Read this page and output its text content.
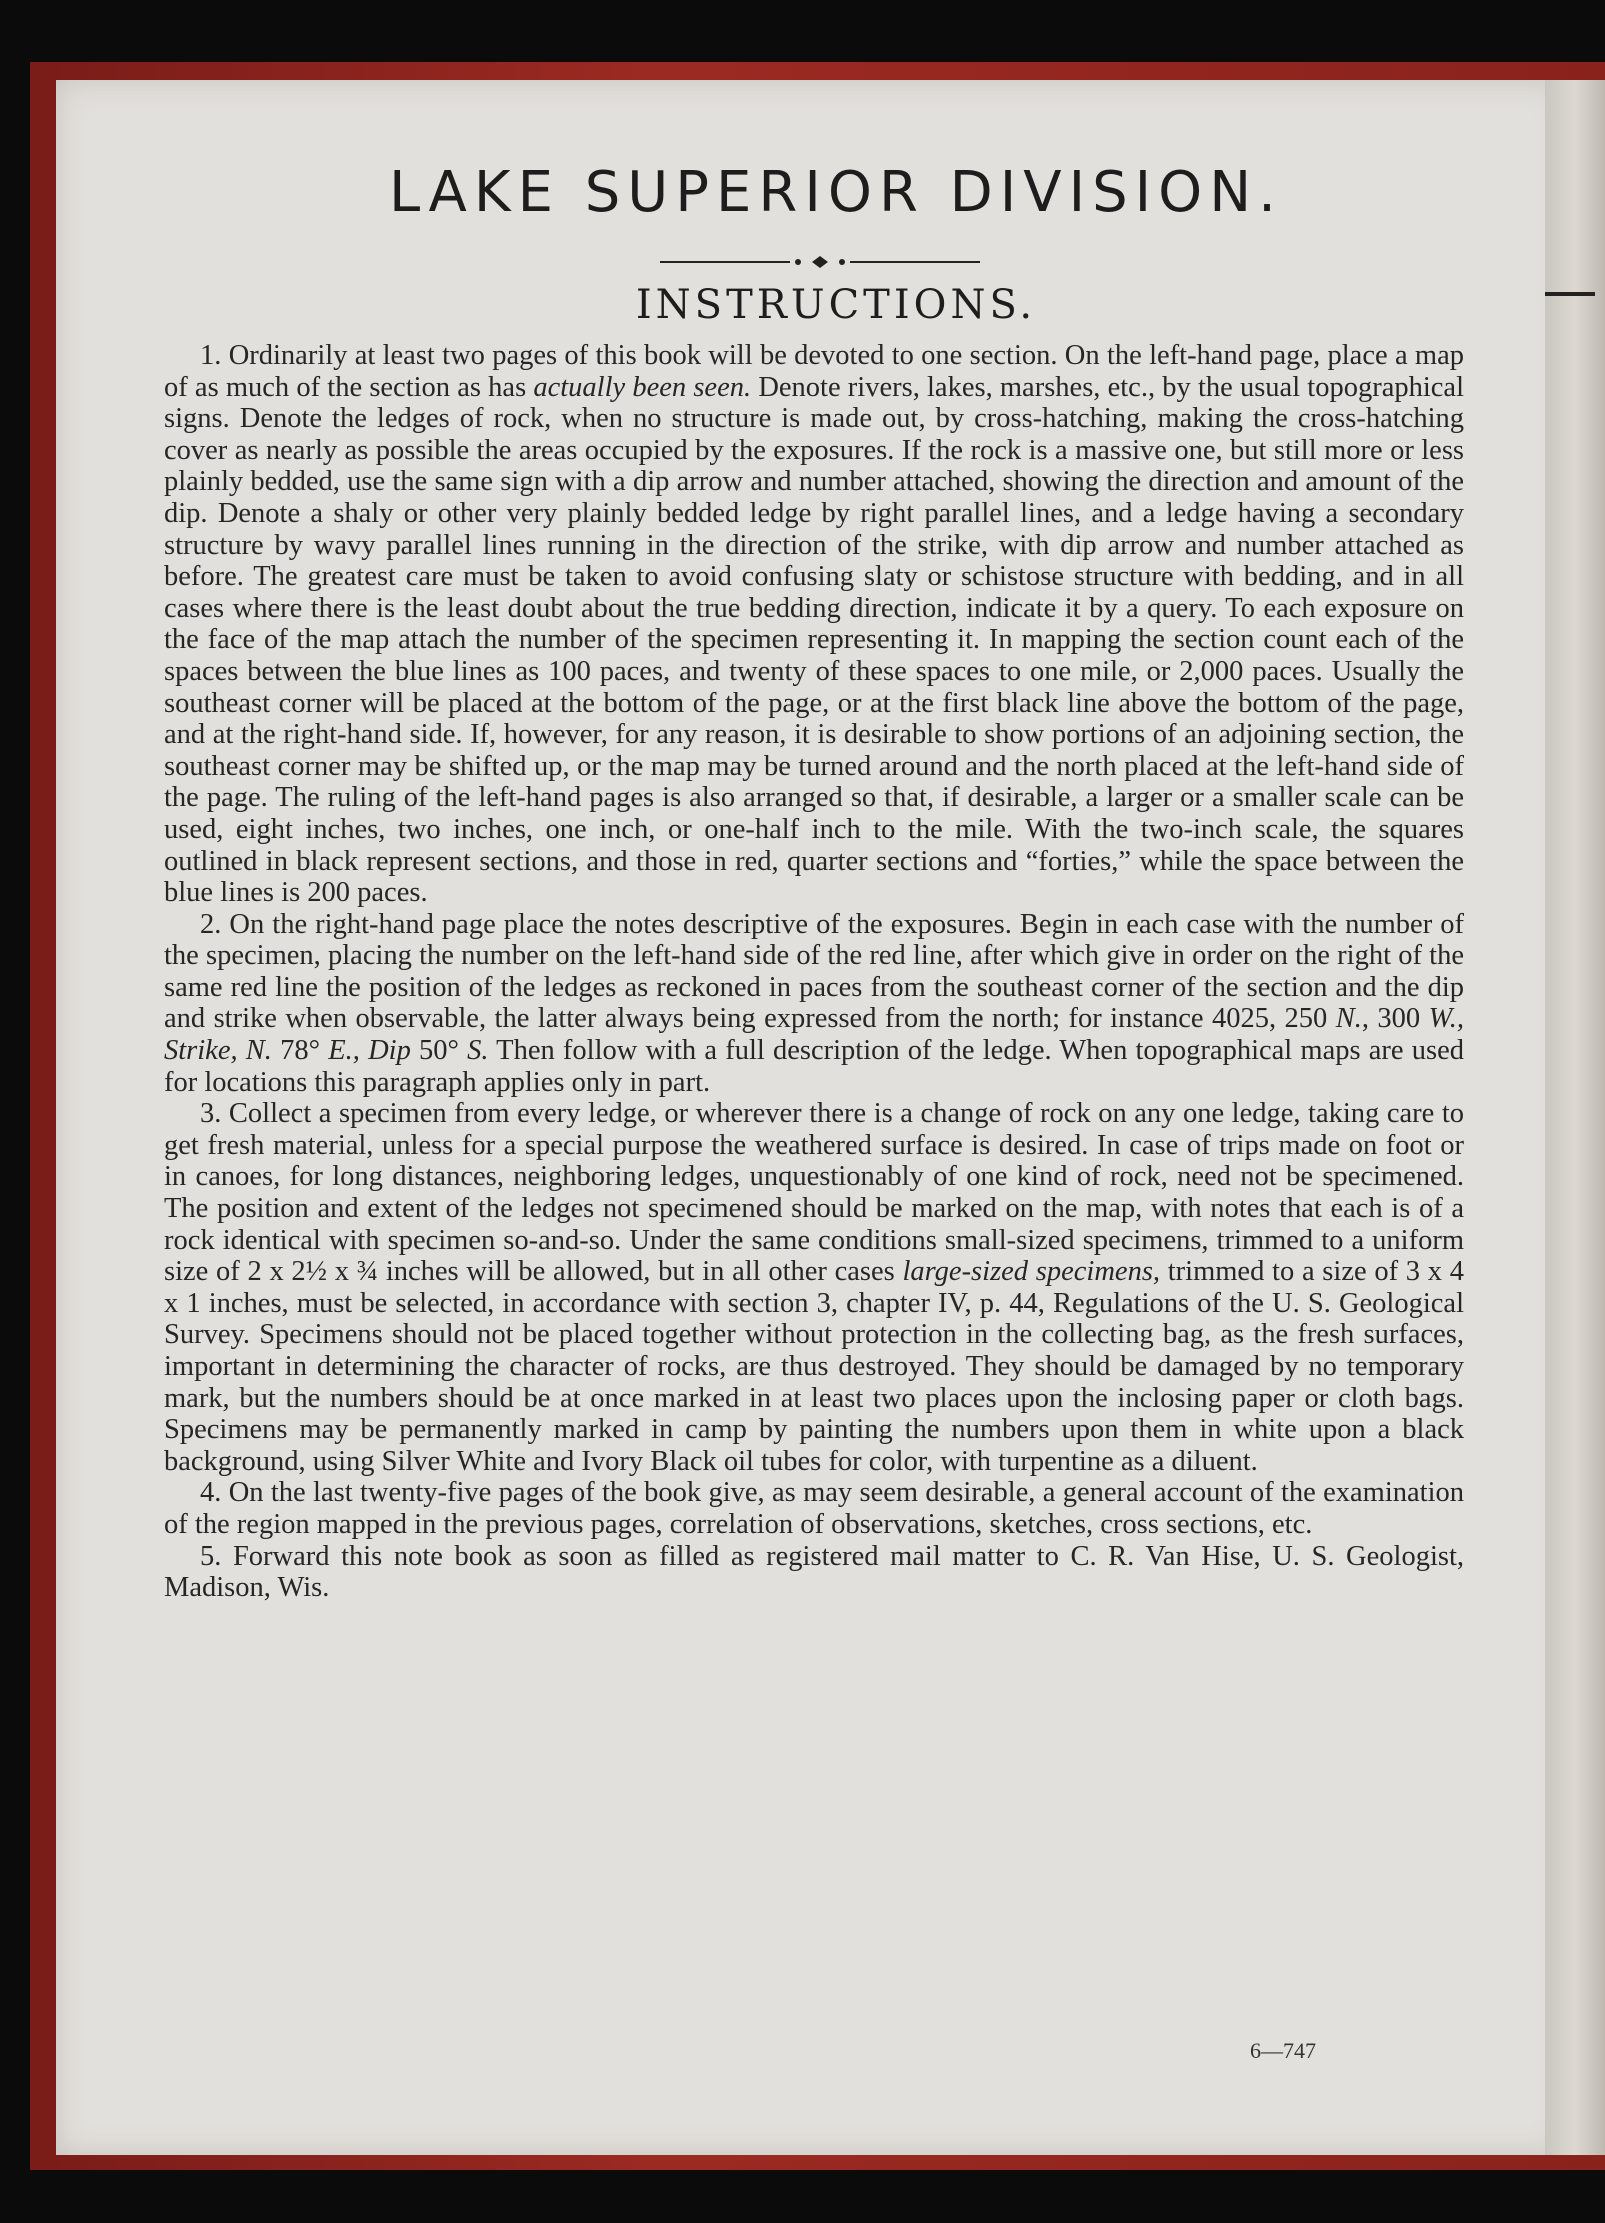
LAKE SUPERIOR DIVISION.
INSTRUCTIONS.

1. Ordinarily at least two pages of this book will be devoted to one section. On the left-hand page, place a map of as much of the section as has actually been seen. Denote rivers, lakes, marshes, etc., by the usual topographical signs. Denote the ledges of rock, when no structure is made out, by cross-hatching, making the cross-hatching cover as nearly as possible the areas occupied by the exposures. If the rock is a massive one, but still more or less plainly bedded, use the same sign with a dip arrow and number attached, showing the direction and amount of the dip. Denote a shaly or other very plainly bedded ledge by right parallel lines, and a ledge having a secondary structure by wavy parallel lines running in the direction of the strike, with dip arrow and number attached as before. The greatest care must be taken to avoid confusing slaty or schistose structure with bedding, and in all cases where there is the least doubt about the true bedding direction, indicate it by a query. To each exposure on the face of the map attach the number of the specimen representing it. In mapping the section count each of the spaces between the blue lines as 100 paces, and twenty of these spaces to one mile, or 2,000 paces. Usually the southeast corner will be placed at the bottom of the page, or at the first black line above the bottom of the page, and at the right-hand side. If, however, for any reason, it is desirable to show portions of an adjoining section, the southeast corner may be shifted up, or the map may be turned around and the north placed at the left-hand side of the page. The ruling of the left-hand pages is also arranged so that, if desirable, a larger or a smaller scale can be used, eight inches, two inches, one inch, or one-half inch to the mile. With the two-inch scale, the squares outlined in black represent sections, and those in red, quarter sections and “forties,” while the space between the blue lines is 200 paces.

2. On the right-hand page place the notes descriptive of the exposures. Begin in each case with the number of the specimen, placing the number on the left-hand side of the red line, after which give in order on the right of the same red line the position of the ledges as reckoned in paces from the southeast corner of the section and the dip and strike when observable, the latter always being expressed from the north; for instance 4025, 250 N., 300 W., Strike, N. 78° E., Dip 50° S. Then follow with a full description of the ledge. When topographical maps are used for locations this paragraph applies only in part.

3. Collect a specimen from every ledge, or wherever there is a change of rock on any one ledge, taking care to get fresh material, unless for a special purpose the weathered surface is desired. In case of trips made on foot or in canoes, for long distances, neighboring ledges, unquestionably of one kind of rock, need not be specimened. The position and extent of the ledges not specimened should be marked on the map, with notes that each is of a rock identical with specimen so-and-so. Under the same conditions small-sized specimens, trimmed to a uniform size of 2 x 2½ x ¾ inches will be allowed, but in all other cases large-sized specimens, trimmed to a size of 3 x 4 x 1 inches, must be selected, in accordance with section 3, chapter IV, p. 44, Regulations of the U. S. Geological Survey. Specimens should not be placed together without protection in the collecting bag, as the fresh surfaces, important in determining the character of rocks, are thus destroyed. They should be damaged by no temporary mark, but the numbers should be at once marked in at least two places upon the inclosing paper or cloth bags. Specimens may be permanently marked in camp by painting the numbers upon them in white upon a black background, using Silver White and Ivory Black oil tubes for color, with turpentine as a diluent.

4. On the last twenty-five pages of the book give, as may seem desirable, a general account of the examination of the region mapped in the previous pages, correlation of observations, sketches, cross sections, etc.

5. Forward this note book as soon as filled as registered mail matter to C. R. Van Hise, U. S. Geologist, Madison, Wis.

6—747
